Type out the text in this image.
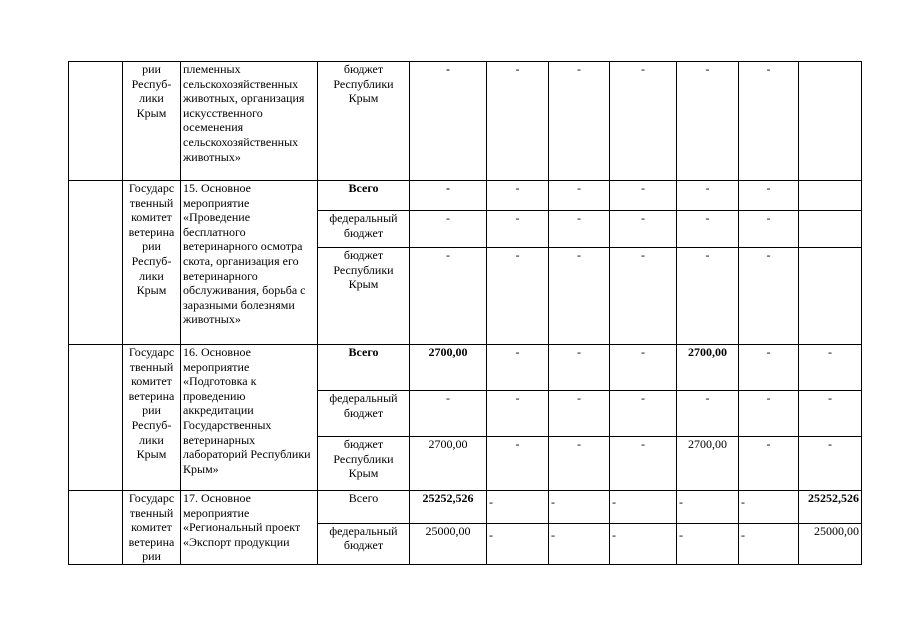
	рии Респуб-лики Крым	племенных сельскохозяйственных животных, организация искусственного осеменения сельскохозяйственных животных»	бюджет Республики Крым	-	-	-	-	-	-	
	Государс твенный комитет ветерина рии Респуб-лики Крым	15. Основное мероприятие «Проведение бесплатного ветеринарного осмотра скота, организация его ветеринарного обслуживания, борьба с заразными болезнями животных»	Всего	-	-	-	-	-	-	
			федеральный бюджет	-	-	-	-	-	-	
			бюджет Республики Крым	-	-	-	-	-	-	
	Государс твенный комитет ветерина рии Респуб-лики Крым	16. Основное мероприятие «Подготовка к проведению аккредитации Государственных ветеринарных лабораторий Республики Крым»	Всего	2700,00	-	-	-	2700,00	-	-
			федеральный бюджет	-	-	-	-	-	-	-
			бюджет Республики Крым	2700,00	-	-	-	2700,00	-	-
	Государс твенный комитет ветерина рии	17. Основное мероприятие «Региональный проект «Экспорт продукции	Всего	25252,526	-	-	-	-	-	25252,526
			федеральный бюджет	25000,00	-	-	-	-	-	25000,00
